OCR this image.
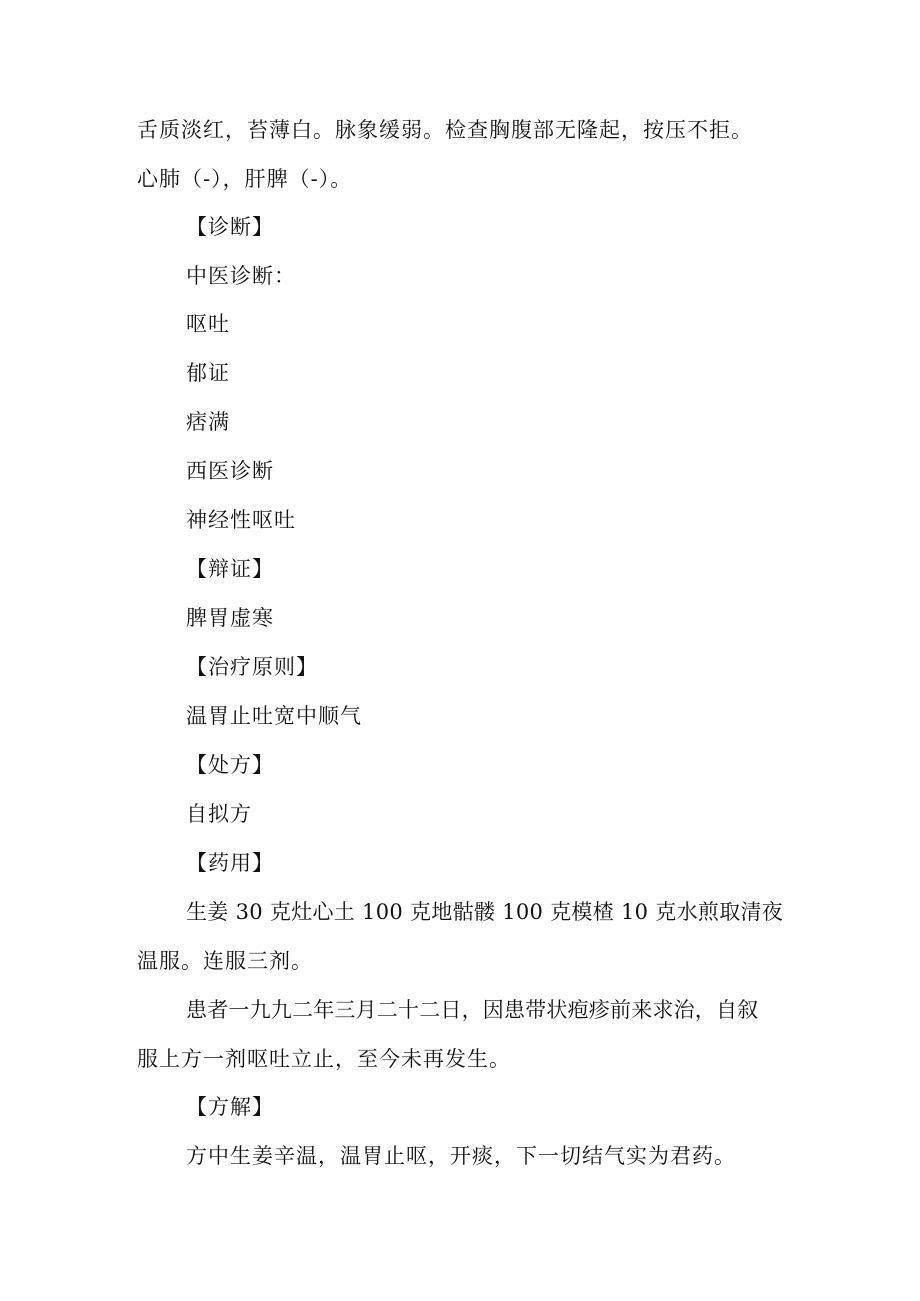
舌质淡红，苔薄白。脉象缓弱。检查胸腹部无隆起，按压不拒。
心肺（-），肝脾（-）。
【诊断】
中医诊断：
呕吐
郁证
痞满
西医诊断
神经性呕吐
【辩证】
脾胃虚寒
【治疗原则】
温胃止吐宽中顺气
【处方】
自拟方
【药用】
生姜 30 克灶心土 100 克地骷髅 100 克模楂 10 克水煎取清夜
温服。连服三剂。
患者一九九二年三月二十二日，因患带状疱疹前来求治，自叙
服上方一剂呕吐立止，至今未再发生。
【方解】
方中生姜辛温，温胃止呕，开痰，下一切结气实为君药。
